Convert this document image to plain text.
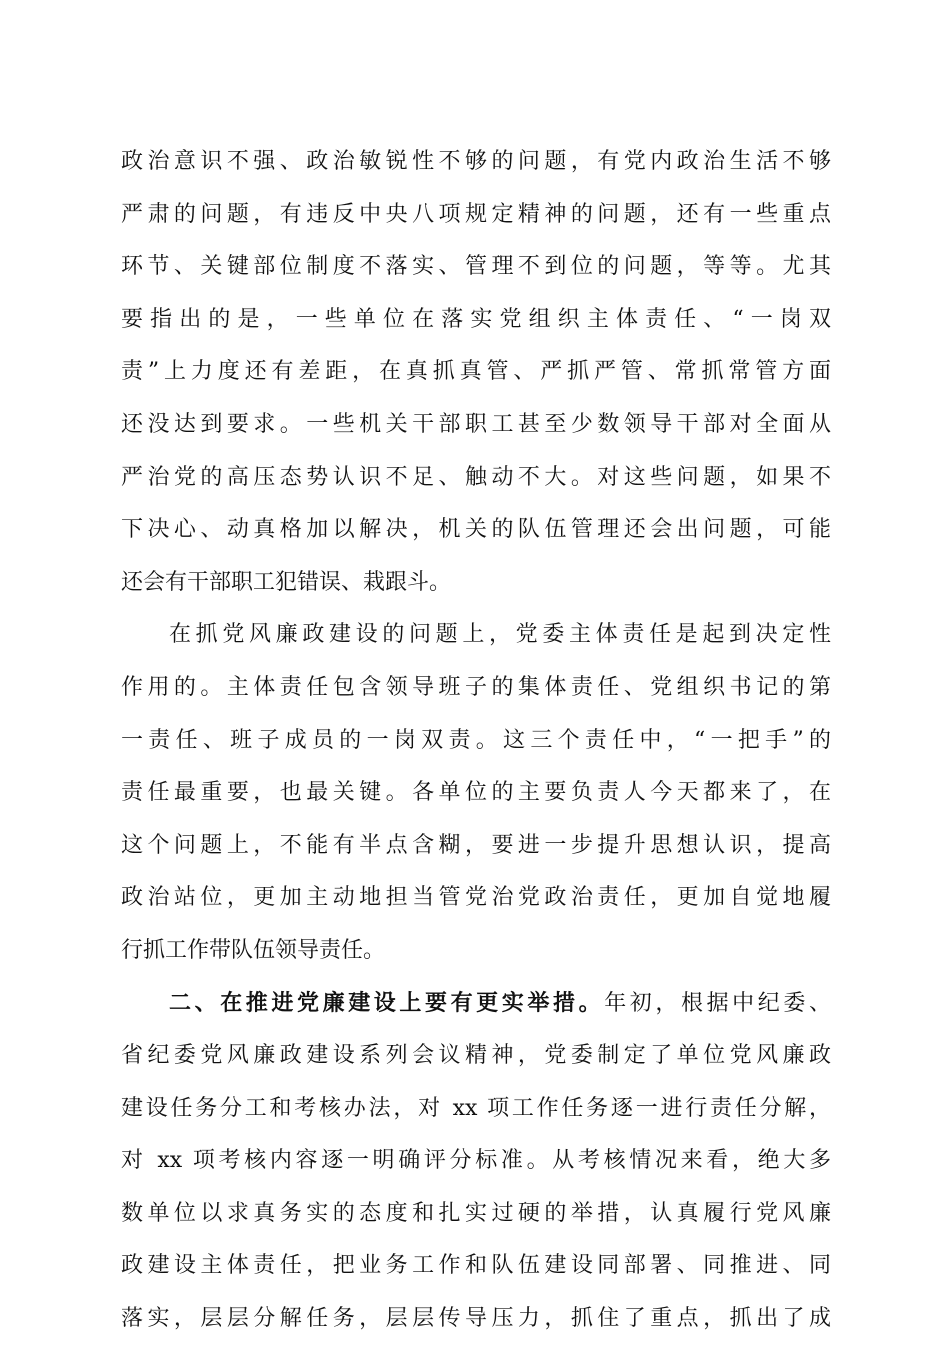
政治意识不强、政治敏锐性不够的问题，有党内政治生活不够
严肃的问题，有违反中央八项规定精神的问题，还有一些重点
环节、关键部位制度不落实、管理不到位的问题，等等。尤其
要指出的是，一些单位在落实党组织主体责任、“一岗双
责”上力度还有差距，在真抓真管、严抓严管、常抓常管方面
还没达到要求。一些机关干部职工甚至少数领导干部对全面从
严治党的高压态势认识不足、触动不大。对这些问题，如果不
下决心、动真格加以解决，机关的队伍管理还会出问题，可能
还会有干部职工犯错误、栽跟斗。
在抓党风廉政建设的问题上，党委主体责任是起到决定性
作用的。主体责任包含领导班子的集体责任、党组织书记的第
一责任、班子成员的一岗双责。这三个责任中，“一把手”的
责任最重要，也最关键。各单位的主要负责人今天都来了，在
这个问题上，不能有半点含糊，要进一步提升思想认识，提高
政治站位，更加主动地担当管党治党政治责任，更加自觉地履
行抓工作带队伍领导责任。
二、在推进党廉建设上要有更实举措。年初，根据中纪委、
省纪委党风廉政建设系列会议精神，党委制定了单位党风廉政
建设任务分工和考核办法，对 xx 项工作任务逐一进行责任分解，
对 xx 项考核内容逐一明确评分标准。从考核情况来看，绝大多
数单位以求真务实的态度和扎实过硬的举措，认真履行党风廉
政建设主体责任，把业务工作和队伍建设同部署、同推进、同
落实，层层分解任务，层层传导压力，抓住了重点，抓出了成
